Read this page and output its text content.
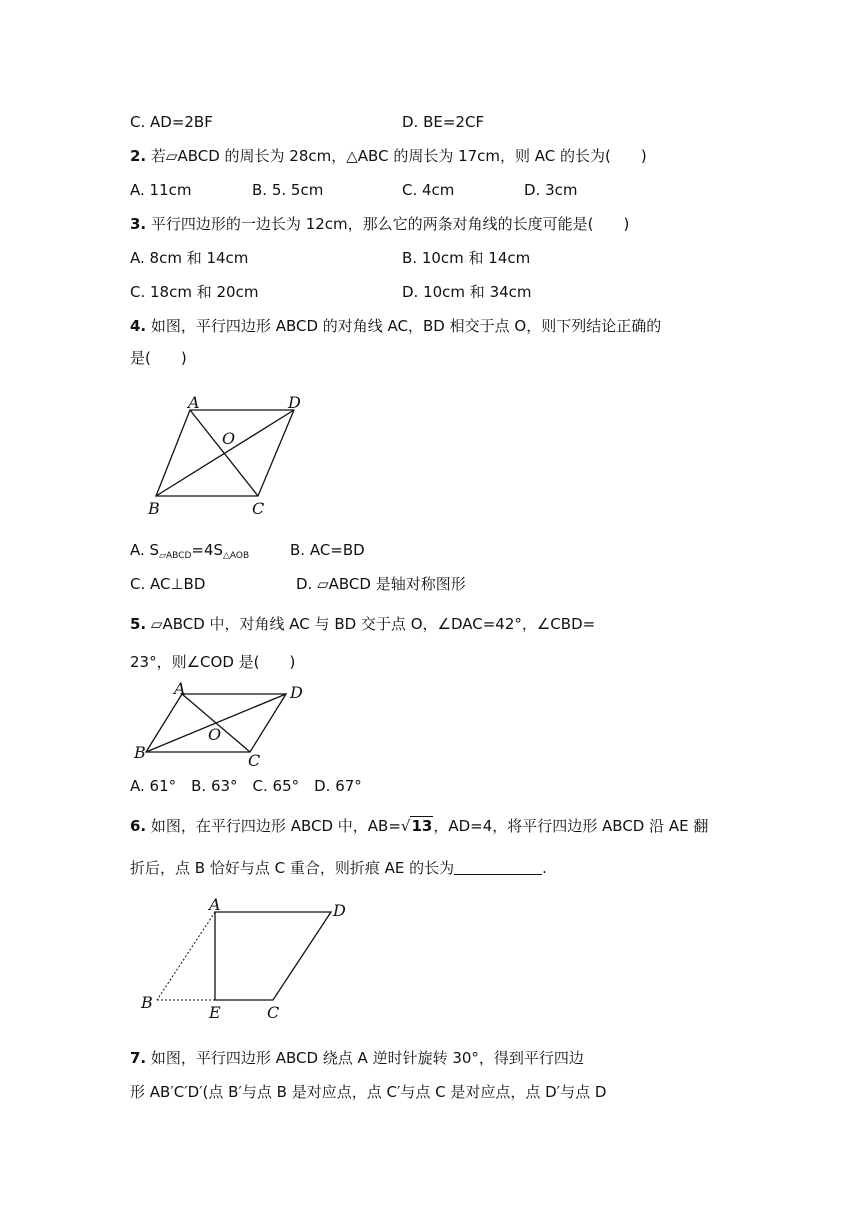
C. AD=2BF	D. BE=2CF
2. 若▱ABCD 的周长为 28cm，△ABC 的周长为 17cm，则 AC 的长为(　　)
A. 11cm	B. 5. 5cm	C. 4cm	D. 3cm
3. 平行四边形的一边长为 12cm，那么它的两条对角线的长度可能是(　　)
A. 8cm 和 14cm	B. 10cm 和 14cm
C. 18cm 和 20cm	D. 10cm 和 34cm
4. 如图，平行四边形 ABCD 的对角线 AC，BD 相交于点 O，则下列结论正确的
是(　　)
A	D
O
B	C
A. $S_{▱ABCD}=4S_{\triangle AOB}$	B. AC=BD
C. AC⊥BD	D. ▱ABCD 是轴对称图形
5. ▱ABCD 中，对角线 AC 与 BD 交于点 O，∠DAC=42°，∠CBD=
23°，则∠COD 是(　　)
A	D
O
B	C
A. 61°　B. 63°　C. 65°　D. 67°
6. 如图，在平行四边形 ABCD 中，AB=√13，AD=4，将平行四边形 ABCD 沿 AE 翻
折后，点 B 恰好与点 C 重合，则折痕 AE 的长为	.
A	D
B
E	C
7. 如图，平行四边形 ABCD 绕点 A 逆时针旋转 30°，得到平行四边
形 AB′C′D′(点 B′与点 B 是对应点，点 C′与点 C 是对应点，点 D′与点 D
